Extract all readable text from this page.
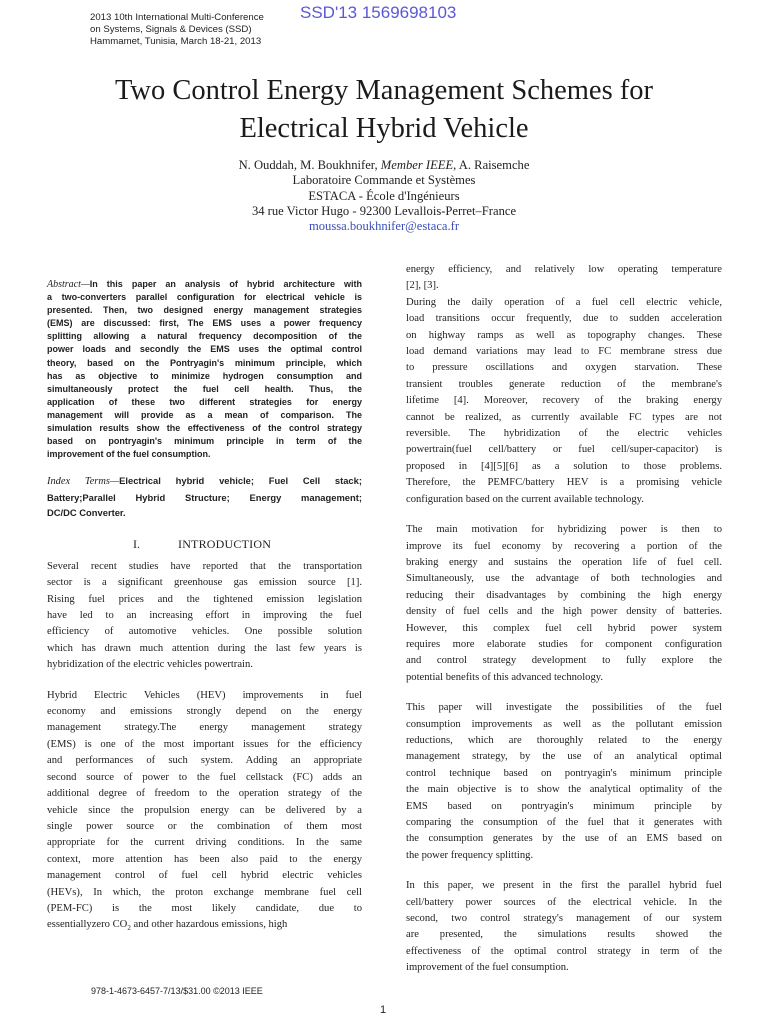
2013 10th International Multi-Conference
on Systems, Signals & Devices (SSD)
Hammamet, Tunisia, March 18-21, 2013
SSD'13 1569698103
Two Control Energy Management Schemes for
Electrical Hybrid Vehicle
N. Ouddah, M. Boukhnifer, Member IEEE, A. Raisemche
Laboratoire Commande et Systèmes
ESTACA - École d'Ingénieurs
34 rue Victor Hugo - 92300 Levallois-Perret–France
moussa.boukhnifer@estaca.fr
Abstract—In this paper an analysis of hybrid architecture with
a two-converters parallel configuration for electrical vehicle is
presented. Then, two designed energy management strategies
(EMS) are discussed: first, The EMS uses a power frequency
splitting allowing a natural frequency decomposition of the
power loads and secondly the EMS uses the optimal control
theory, based on the Pontryagin's minimum principle, which
has as objective to minimize hydrogen consumption and
simultaneously protect the fuel cell health. Thus, the
application of these two different strategies for energy
management will provide as a mean of comparison. The
simulation results show the effectiveness of the control strategy
based on pontryagin's minimum principle in term of the
improvement of the fuel consumption.
Index Terms—Electrical hybrid vehicle; Fuel Cell stack;
Battery;Parallel Hybrid Structure; Energy management;
DC/DC Converter.
I.	INTRODUCTION
Several recent studies have reported that the transportation
sector is a significant greenhouse gas emission source [1].
Rising fuel prices and the tightened emission legislation
have led to an increasing effort in improving the fuel
efficiency of automotive vehicles. One possible solution
which has drawn much attention during the last few years is
hybridization of the electric vehicles powertrain.
Hybrid Electric Vehicles (HEV) improvements in fuel
economy and emissions strongly depend on the energy
management strategy.The energy management strategy
(EMS) is one of the most important issues for the efficiency
and performances of such system. Adding an appropriate
second source of power to the fuel cellstack (FC) adds an
additional degree of freedom to the operation strategy of the
vehicle since the propulsion energy can be delivered by a
single power source or the combination of them most
appropriate for the current driving conditions. In the same
context, more attention has been also paid to the energy
management control of fuel cell hybrid electric vehicles
(HEVs), In which, the proton exchange membrane fuel cell
(PEM-FC) is the most likely candidate, due to
essentiallyzero $CO_2$ and other hazardous emissions, high
energy efficiency, and relatively low operating temperature
[2], [3].
During the daily operation of a fuel cell electric vehicle,
load transitions occur frequently, due to sudden acceleration
on highway ramps as well as topography changes. These
load demand variations may lead to FC membrane stress due
to pressure oscillations and oxygen starvation. These
transient troubles generate reduction of the membrane's
lifetime [4]. Moreover, recovery of the braking energy
cannot be realized, as currently available FC types are not
reversible. The hybridization of the electric vehicles
powertrain(fuel cell/battery or fuel cell/super-capacitor) is
proposed in [4][5][6] as a solution to those problems.
Therefore, the PEMFC/battery HEV is a promising vehicle
configuration based on the current available technology.
The main motivation for hybridizing power is then to
improve its fuel economy by recovering a portion of the
braking energy and sustains the operation life of fuel cell.
Simultaneously, use the advantage of both technologies and
reducing their disadvantages by combining the high energy
density of fuel cells and the high power density of batteries.
However, this complex fuel cell hybrid power system
requires more elaborate studies for component configuration
and control strategy development to fully explore the
potential benefits of this advanced technology.
This paper will investigate the possibilities of the fuel
consumption improvements as well as the pollutant emission
reductions, which are thoroughly related to the energy
management strategy, by the use of an analytical optimal
control technique based on pontryagin's minimum principle
the main objective is to show the analytical optimality of the
EMS based on pontryagin's minimum principle by
comparing the consumption of the fuel that it generates with
the consumption generates by the use of an EMS based on
the power frequency splitting.
In this paper, we present in the first the parallel hybrid fuel
cell/battery power sources of the electrical vehicle. In the
second, two control strategy's management of our system
are presented, the simulations results showed the
effectiveness of the optimal control strategy in term of the
improvement of the fuel consumption.
978-1-4673-6457-7/13/$31.00 ©2013 IEEE
1
